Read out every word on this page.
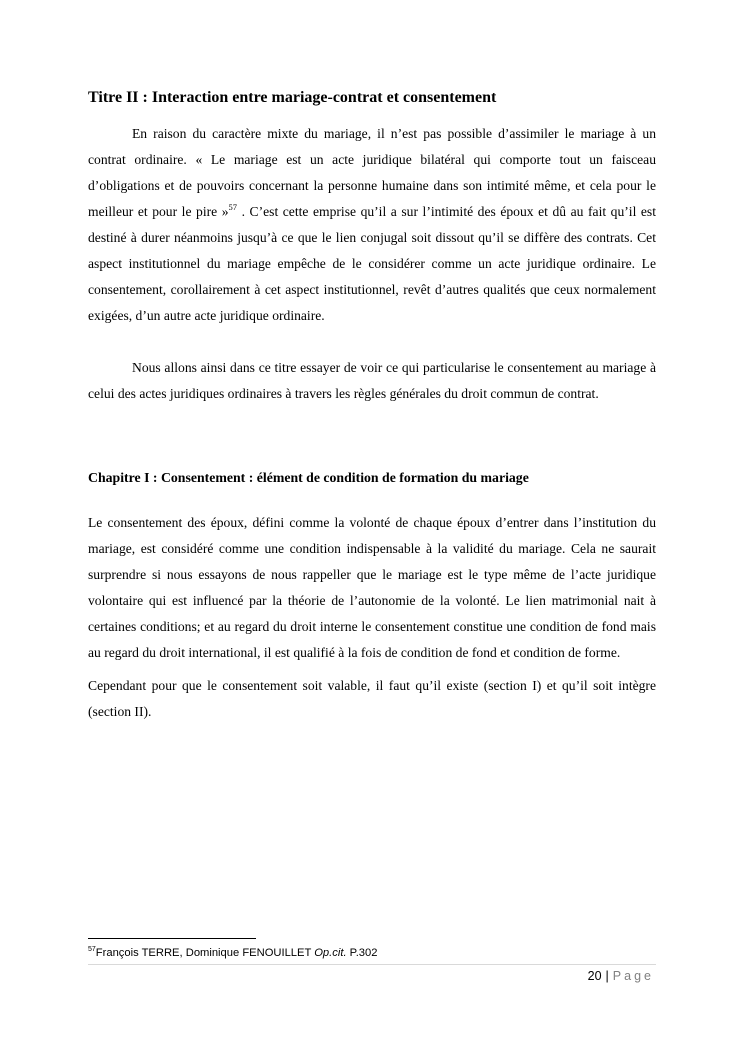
Titre II : Interaction entre mariage-contrat et consentement

En raison du caractère mixte du mariage, il n’est pas possible d’assimiler le mariage à un contrat ordinaire. « Le mariage est un acte juridique bilatéral qui comporte tout un faisceau d’obligations et de pouvoirs concernant la personne humaine dans son intimité même, et cela pour le meilleur et pour le pire »$^{57}$ . C’est cette emprise qu’il a sur l’intimité des époux et dû au fait qu’il est destiné à durer néanmoins jusqu’à ce que le lien conjugal soit dissout qu’il se diffère des contrats. Cet aspect institutionnel du mariage empêche de le considérer comme un acte juridique ordinaire. Le consentement, corollairement à cet aspect institutionnel, revêt d’autres qualités que ceux normalement exigées, d’un autre acte juridique ordinaire.

Nous allons ainsi dans ce titre essayer de voir ce qui particularise le consentement au mariage à celui des actes juridiques ordinaires à travers les règles générales du droit commun de contrat.

Chapitre I : Consentement : élément de condition de formation du mariage

Le consentement des époux, défini comme la volonté de chaque époux d’entrer dans l’institution du mariage, est considéré comme une condition indispensable à la validité du mariage. Cela ne saurait surprendre si nous essayons de nous rappeller que le mariage est le type même de l’acte juridique volontaire qui est influencé par la théorie de l’autonomie de la volonté. Le lien matrimonial nait à certaines conditions; et au regard du droit interne le consentement constitue une condition de fond mais au regard du droit international, il est qualifié à la fois de condition de fond et condition de forme.

Cependant pour que le consentement soit valable, il faut qu’il existe (section I) et qu’il soit intègre (section II).

$^{57}$François TERRE, Dominique FENOUILLET Op.cit. P.302
20 | Page
